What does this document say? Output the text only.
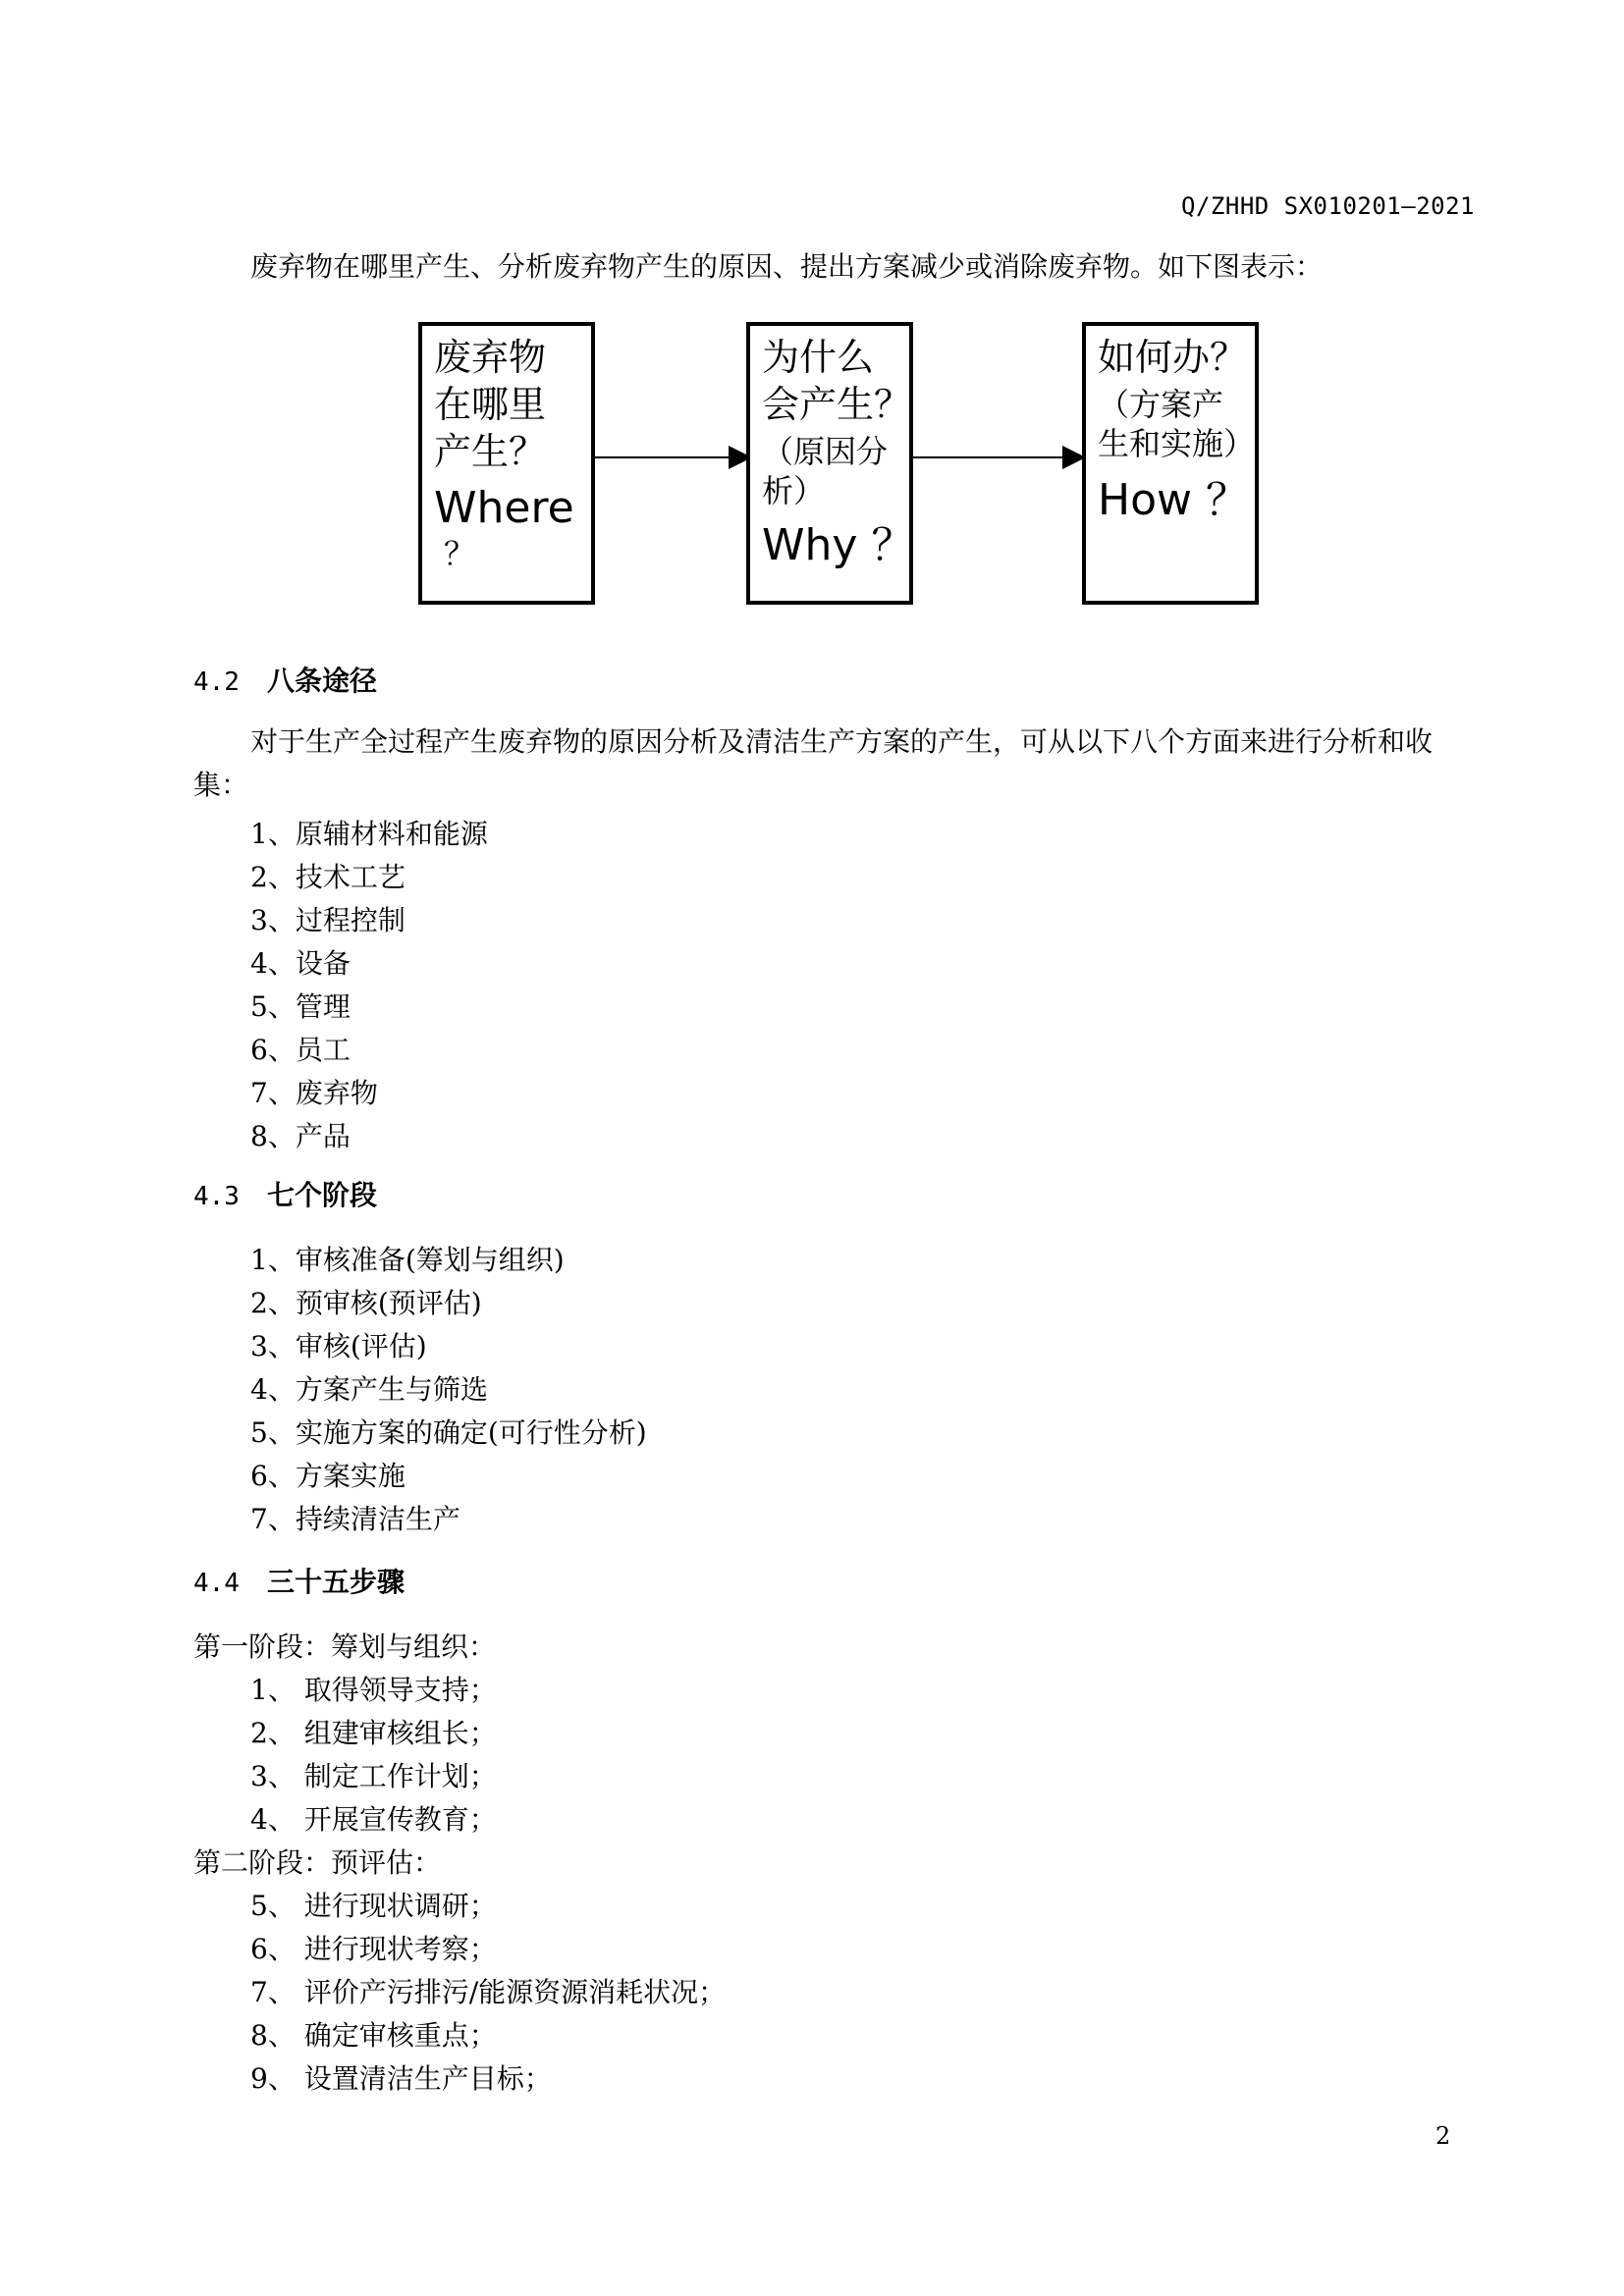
Q/ZHHD SX010201—2021
废弃物在哪里产生、分析废弃物产生的原因、提出方案减少或消除废弃物。如下图表示：
废弃物
在哪里
产生？
Where
？
为什么
会产生？
（原因分
析）
Why ？
如何办？
（方案产
生和实施）
How ？
4.2 八条途径
对于生产全过程产生废弃物的原因分析及清洁生产方案的产生，可从以下八个方面来进行分析和收集：
1、原辅材料和能源
2、技术工艺
3、过程控制
4、设备
5、管理
6、员工
7、废弃物
8、产品
4.3 七个阶段
1、审核准备(筹划与组织)
2、预审核(预评估)
3、审核(评估)
4、方案产生与筛选
5、实施方案的确定(可行性分析)
6、方案实施
7、持续清洁生产
4.4 三十五步骤
第一阶段：筹划与组织：
1、 取得领导支持；
2、 组建审核组长；
3、 制定工作计划；
4、 开展宣传教育；
第二阶段：预评估：
5、 进行现状调研；
6、 进行现状考察；
7、 评价产污排污/能源资源消耗状况；
8、 确定审核重点；
9、 设置清洁生产目标；
2
